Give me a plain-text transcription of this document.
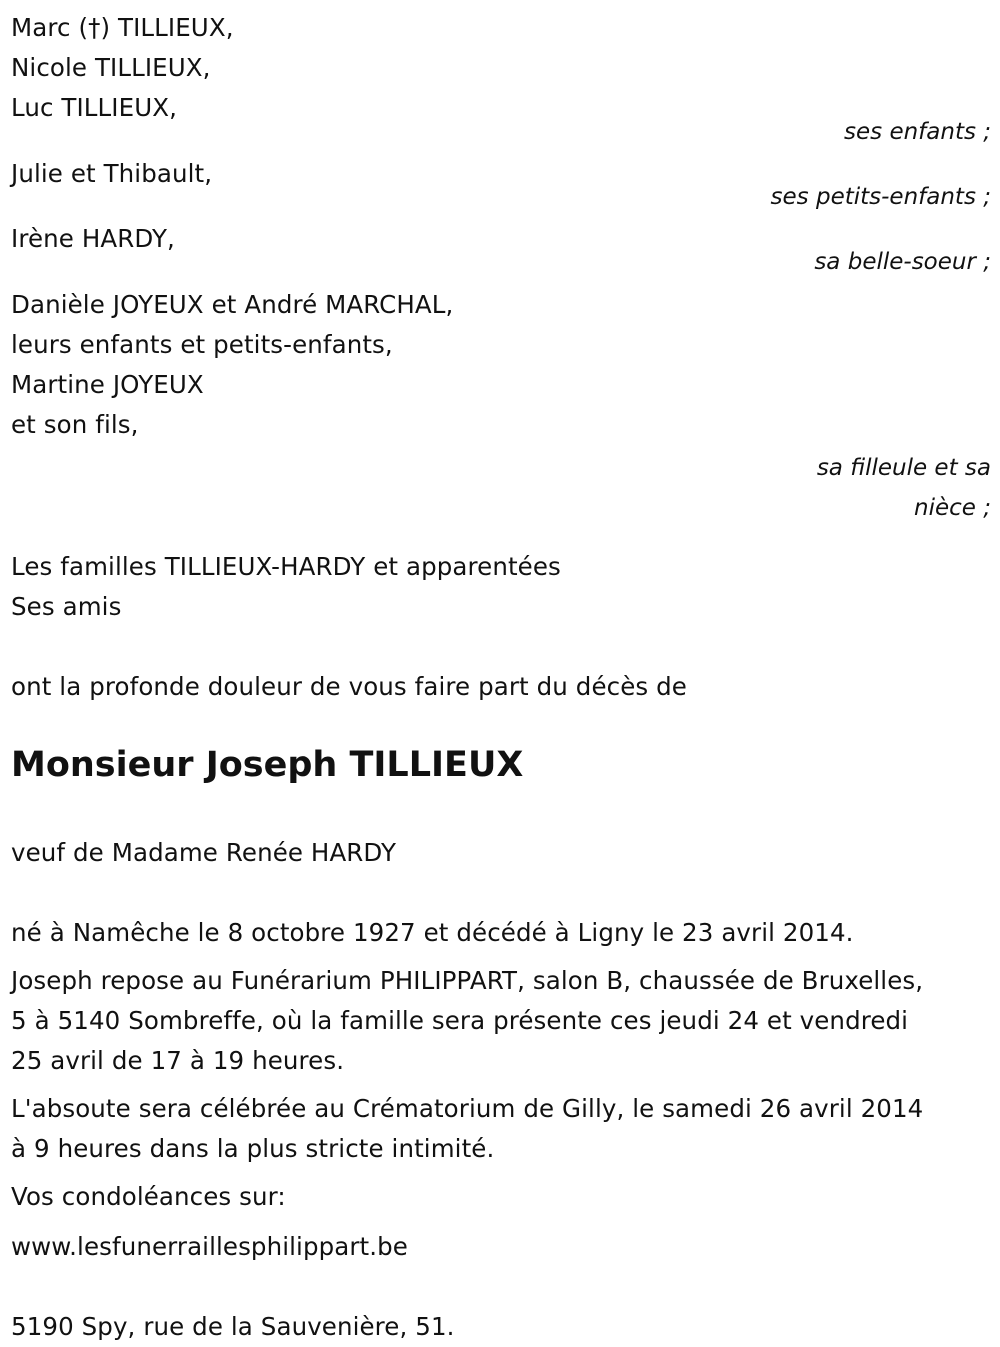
Marc (†) TILLIEUX,
Nicole TILLIEUX,
Luc TILLIEUX,
ses enfants ;
Julie et Thibault,
ses petits-enfants ;
Irène HARDY,
sa belle-soeur ;
Danièle JOYEUX et André MARCHAL,
leurs enfants et petits-enfants,
Martine JOYEUX
et son fils,
sa filleule et sa
nièce ;
Les familles TILLIEUX-HARDY et apparentées
Ses amis
ont la profonde douleur de vous faire part du décès de
Monsieur Joseph TILLIEUX
veuf de Madame Renée HARDY
né à Namêche le 8 octobre 1927 et décédé à Ligny le 23 avril 2014.
Joseph repose au Funérarium PHILIPPART, salon B, chaussée de Bruxelles,
5 à 5140 Sombreffe, où la famille sera présente ces jeudi 24 et vendredi
25 avril de 17 à 19 heures.
L'absoute sera célébrée au Crématorium de Gilly, le samedi 26 avril 2014
à 9 heures dans la plus stricte intimité.
Vos condoléances sur:
www.lesfunerraillesphilippart.be
5190 Spy, rue de la Sauvenière, 51.
